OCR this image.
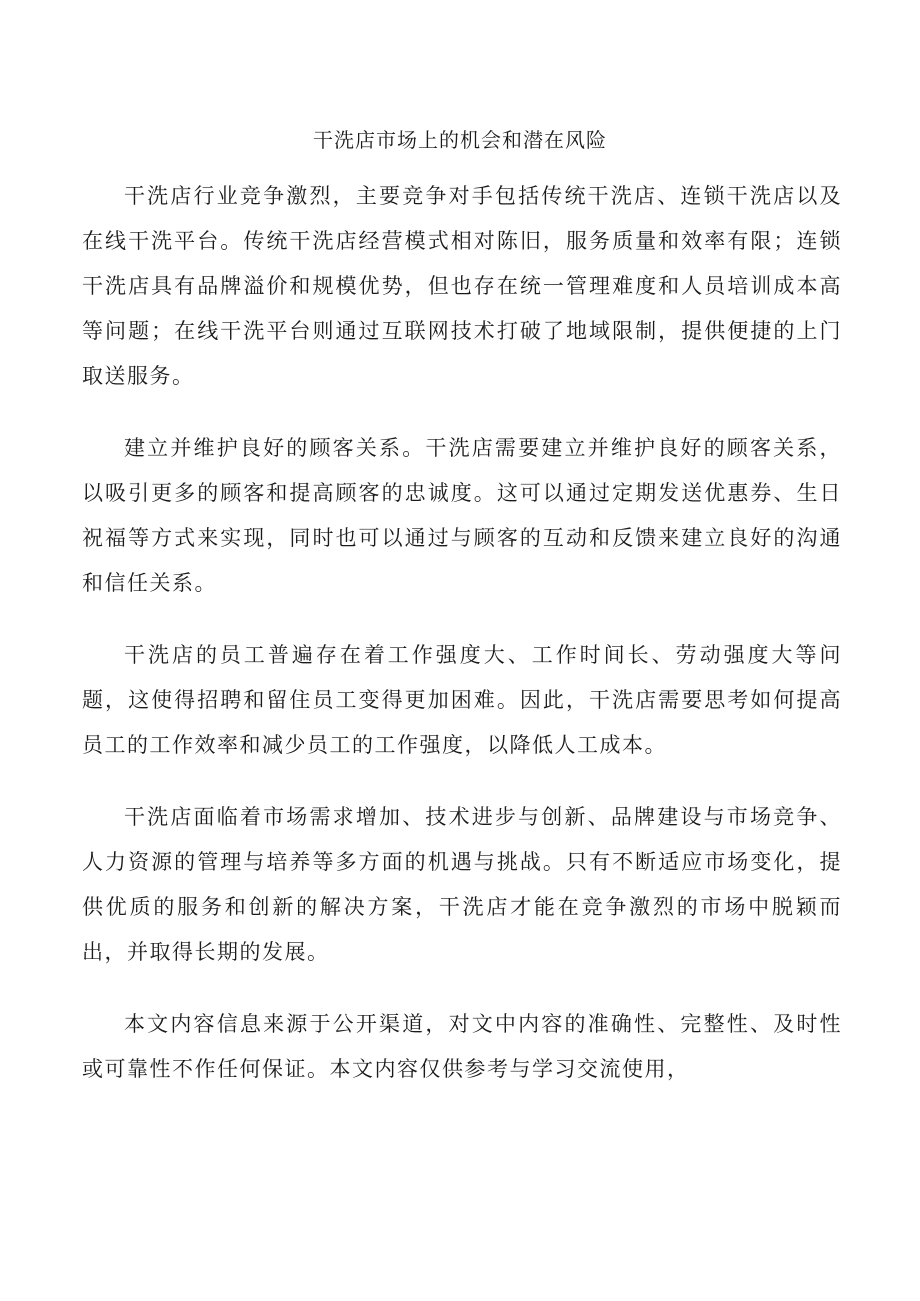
干洗店市场上的机会和潜在风险

干洗店行业竞争激烈，主要竞争对手包括传统干洗店、连锁干洗店以及在线干洗平台。传统干洗店经营模式相对陈旧，服务质量和效率有限；连锁干洗店具有品牌溢价和规模优势，但也存在统一管理难度和人员培训成本高等问题；在线干洗平台则通过互联网技术打破了地域限制，提供便捷的上门取送服务。

建立并维护良好的顾客关系。干洗店需要建立并维护良好的顾客关系，以吸引更多的顾客和提高顾客的忠诚度。这可以通过定期发送优惠券、生日祝福等方式来实现，同时也可以通过与顾客的互动和反馈来建立良好的沟通和信任关系。

干洗店的员工普遍存在着工作强度大、工作时间长、劳动强度大等问题，这使得招聘和留住员工变得更加困难。因此，干洗店需要思考如何提高员工的工作效率和减少员工的工作强度，以降低人工成本。

干洗店面临着市场需求增加、技术进步与创新、品牌建设与市场竞争、人力资源的管理与培养等多方面的机遇与挑战。只有不断适应市场变化，提供优质的服务和创新的解决方案，干洗店才能在竞争激烈的市场中脱颖而出，并取得长期的发展。

本文内容信息来源于公开渠道，对文中内容的准确性、完整性、及时性或可靠性不作任何保证。本文内容仅供参考与学习交流使用，
